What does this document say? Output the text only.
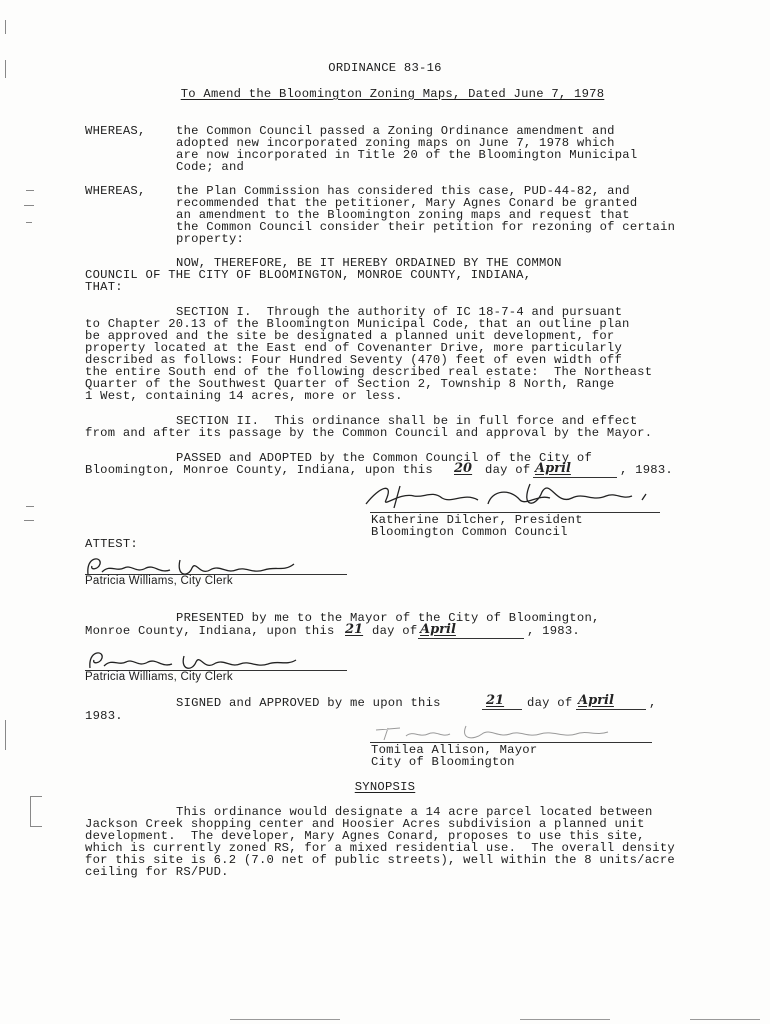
ORDINANCE 83-16
To Amend the Bloomington Zoning Maps, Dated June 7, 1978
WHEREAS, the Common Council passed a Zoning Ordinance amendment and
adopted new incorporated zoning maps on June 7, 1978 which
are now incorporated in Title 20 of the Bloomington Municipal
Code; and
WHEREAS, the Plan Commission has considered this case, PUD-44-82, and
recommended that the petitioner, Mary Agnes Conard be granted
an amendment to the Bloomington zoning maps and request that
the Common Council consider their petition for rezoning of certain
property:
NOW, THEREFORE, BE IT HEREBY ORDAINED BY THE COMMON
COUNCIL OF THE CITY OF BLOOMINGTON, MONROE COUNTY, INDIANA,
THAT:
SECTION I.  Through the authority of IC 18-7-4 and pursuant
to Chapter 20.13 of the Bloomington Municipal Code, that an outline plan
be approved and the site be designated a planned unit development, for
property located at the East end of Covenanter Drive, more particularly
described as follows: Four Hundred Seventy (470) feet of even width off
the entire South end of the following described real estate:  The Northeast
Quarter of the Southwest Quarter of Section 2, Township 8 North, Range
1 West, containing 14 acres, more or less.
SECTION II.  This ordinance shall be in full force and effect
from and after its passage by the Common Council and approval by the Mayor.
PASSED and ADOPTED by the Common Council of the City of
Bloomington, Monroe County, Indiana, upon this 20 day of April	, 1983.
Katherine Dilcher, President
Bloomington Common Council
ATTEST:
Patricia Williams, City Clerk
PRESENTED by me to the Mayor of the City of Bloomington,
Monroe County, Indiana, upon this 21 day of April	, 1983.
Patricia Williams, City Clerk
SIGNED and APPROVED by me upon this	21 day of April	,
1983.
Tomilea Allison, Mayor
City of Bloomington
SYNOPSIS
This ordinance would designate a 14 acre parcel located between
Jackson Creek shopping center and Hoosier Acres subdivision a planned unit
development.  The developer, Mary Agnes Conard, proposes to use this site,
which is currently zoned RS, for a mixed residential use.  The overall density
for this site is 6.2 (7.0 net of public streets), well within the 8 units/acre
ceiling for RS/PUD.
